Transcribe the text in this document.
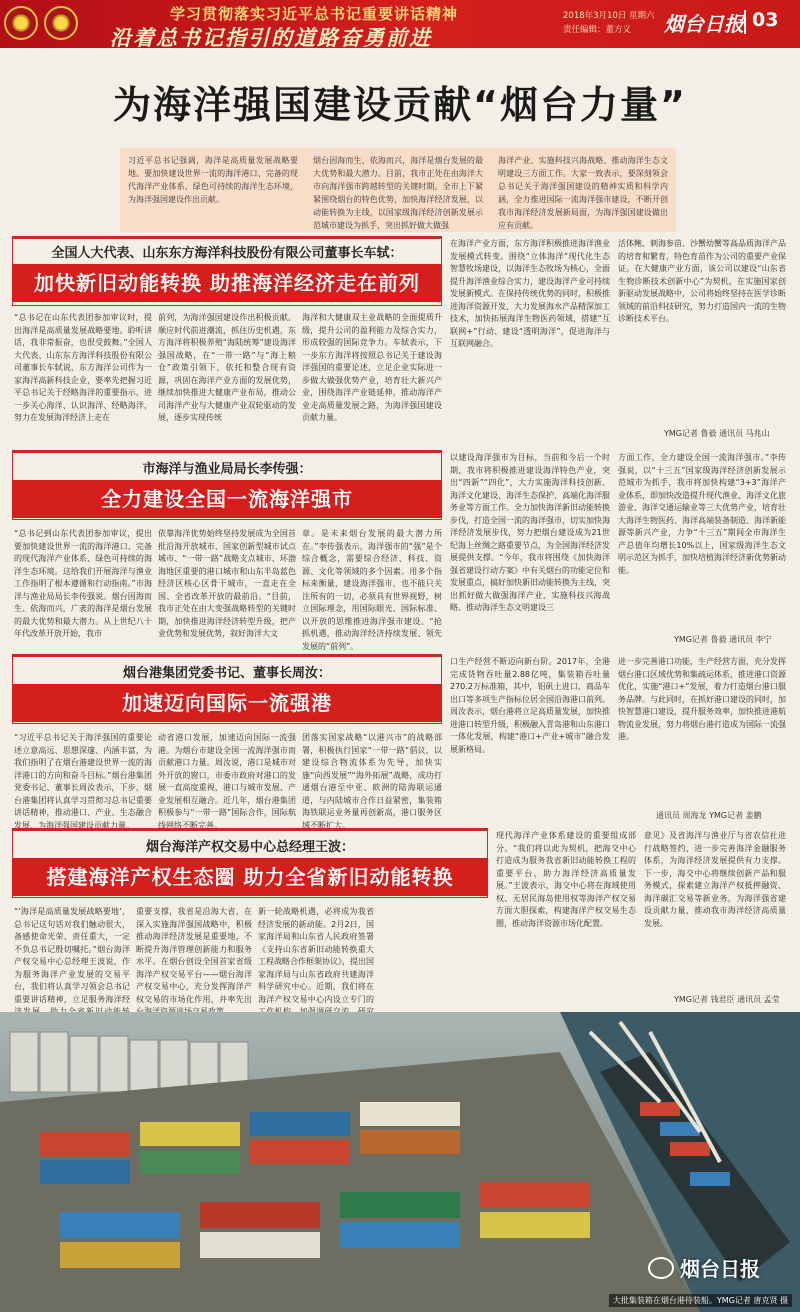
学习贯彻落实习近平总书记重要讲话精神
沿着总书记指引的道路奋勇前进
2018年3月10日 星期六
责任编辑：董方义	烟台日报 03
为海洋强国建设贡献“烟台力量”
习近平总书记强调，海洋是高质量发展战略要地。要加快建设世界一流的海洋港口、完备的现代海洋产业体系、绿色可持续的海洋生态环境，为海洋强国建设作出贡献。
烟台因海而生、依海而兴，海洋是烟台发展的最大优势和最大潜力。目前，我市正处在由海洋大市向海洋强市跨越转型的关键时期。全市上下紧紧围绕烟台的特色优势，加快海洋经济发展，以动能转换为主线，以国家级海洋经济创新发展示范城市建设为抓手，突出抓好做大做强
海洋产业、实施科技兴海战略、推动海洋生态文明建设三方面工作。大家一致表示，要深刻领会总书记关于海洋强国建设的精神实质和科学内涵，全力推进国际一流海洋强市建设，不断开创我市海洋经济发展新局面，为海洋强国建设做出应有贡献。
全国人大代表、山东东方海洋科技股份有限公司董事长车轼：
加快新旧动能转换 助推海洋经济走在前列
“总书记在山东代表团参加审议时，提出海洋是高质量发展战略要地。聆听讲话，我非常振奋，也很受鼓舞。”全国人大代表、山东东方海洋科技股份有限公司董事长车轼说，东方海洋公司作为一家海洋高新科技企业，要率先把握习近平总书记关于经略海洋的重要指示，进一步关心海洋、认识海洋、经略海洋，努力在发展海洋经济上走在
前列，为海洋强国建设作出积极贡献。顺应时代前进潮流，抓住历史机遇，东方海洋将积极养殖“海陆统筹”建设海洋强国战略，在“一带一路”与“海上粮仓”政策引领下，依托和整合现有资源，巩固在海洋产业方面的发展优势，继续加快推进大健康产业布局，推动公司海洋产业与大健康产业双轮驱动的发展，逐步实现传统
海洋和大健康双主业战略的全面提质升级，提升公司的盈利能力及综合实力，形成较强的国际竞争力。车轼表示，下一步东方海洋将按照总书记关于建设海洋强国的重要论述，立足企业实际进一步做大做强优势产业，培育壮大新兴产业，围绕海洋产业链延伸，推动海洋产业走高质量发展之路，为海洋强国建设贡献力量。
在海洋产业方面，东方海洋积极推进海洋渔业发展模式转变。围绕“立体海洋”现代化生态智慧牧场建设，以海洋生态牧场为核心，全面提升海洋渔业综合实力，建设海洋产业可持续发展新模式。在保持传统优势的同时，积极推进海洋资源开发，大力发展海水产品精深加工技术，加快拓展海洋生物医药领域，搭建“互联网+”行动、建设“透明海洋”，促进海洋与互联网融合。
活体鲍、刺海参苗、沙蟹幼蟹等高品质海洋产品的培育和繁育，特色育苗作为公司的重要产业保证。在大健康产业方面，该公司以建设“山东省生物诊断技术创新中心”为契机，在实施国家创新驱动发展战略中，公司将始终坚持在医学诊断领域的前沿科技研究，努力打造国内一流的生物诊断技术平台。
YMG记者 鲁毅 通讯员 马兆山
市海洋与渔业局局长李传强：
全力建设全国一流海洋强市
“总书记到山东代表团参加审议，提出要加快建设世界一流的海洋港口、完备的现代海洋产业体系、绿色可持续的海洋生态环境。这给我们开展海洋与渔业工作指明了根本遵循和行动指南。”市海洋与渔业局局长李传强说。烟台因海而生、依海而兴，广袤的海洋是烟台发展的最大优势和最大潜力。从上世纪八十年代改革开放开始，我市
依靠海洋优势始终坚持发展成为全国首批沿海开放城市、国家创新型城市试点城市、“一带一路”战略支点城市、环渤海地区重要的港口城市和山东半岛蓝色经济区核心区骨干城市，一直走在全国、全省改革开放的最前沿。“目前，我市正处在由大变强战略转型的关键时期，加快推进海洋经济转型升级，把产业优势和发展优势，叙好海洋大文
章。是未来烟台发展的最大潜力所在。”李传强表示，海洋强市的“强”是个综合概念，需要综合经济、科技、资源、文化等领域的多个因素。用多个指标来衡量，建设海洋强市，也不能只关注所有的一切，必须具有世界视野，树立国际理念，用国际眼光、国际标准、以开放的思维推进海洋强市建设。“抢抓机遇，推动海洋经济持续发展、领先发展的“前列”。
以建设海洋强市为目标，当前和今后一个时期，我市将积极推进建设海洋特色产业，突出“四新”“四化”，大力实施海洋科技创新、海洋文化建设、海洋生态保护、高端化海洋服务业等方面工作。全力加快海洋新旧动能转换步伐，打造全国一流的海洋强市，切实加快海洋经济发展步伐，努力把烟台建设成为21世纪海上丝绸之路重要节点，为全国海洋经济发展提供支撑。“今年，我市将围绕《加快海洋强省建设行动方案》中有关烟台的功能定位和发展重点，搞好加快新旧动能转换为主线，突出抓好做大做强海洋产业，实施科技兴海战略、推动海洋生态文明建设三
方面工作，全力建设全国一流海洋强市。”李传强说，以“十三五”国家级海洋经济创新发展示范城市为抓手，我市将加快构建“3+3”海洋产业体系，即加快改造提升现代渔业、海洋文化旅游业、海洋交通运输业等三大优势产业，培育壮大海洋生物医药、海洋高端装备制造、海洋新能源等新兴产业，力争“十三五”期间全市海洋生产总值年均增长10%以上，国家级海洋生态文明示范区为抓手，加快培植海洋经济新优势新动能。
YMG记者 鲁毅 通讯员 李宁
烟台港集团党委书记、董事长周汝：
加速迈向国际一流强港
“习近平总书记关于海洋强国的重要论述立意高远、思想深邃、内涵丰富，为我们指明了在烟台港建设世界一流的海洋港口的方向和奋斗目标。”烟台港集团党委书记、董事长周汝表示，下步，烟台港集团将认真学习贯彻习总书记重要讲话精神，推动港口、产业、生态融合发展，为海洋强国建设贡献力量。
动省港口发展，加速迈向国际一流强港。为烟台市建设全国一流海洋强市而贡献港口力量。周汝说，港口是城市对外开放的窗口，市委市政府对港口的发展一直高度重视，港口与城市发展、产业发展相互融合。近几年，烟台港集团积极参与“一带一路”国际合作，国际航线网络不断完善。
团落实国家战略“以港兴市”的战略部署，积极执行国家“一带一路”倡议，以建设综合物流体系为先导，加快实施“向西发展”“海外拓展”战略，成功打通烟台港至中亚、欧洲的陆海联运通道，与内陆城市合作日益紧密，集装箱海铁联运业务量再创新高，港口服务区域不断扩大。
口生产经营不断迈向新台阶。2017年，全港完成货物吞吐量2.88亿吨，集装箱吞吐量270.2万标准箱，其中，铝矾土进口、商品车出口等多项生产指标位居全国沿海港口前列。周汝表示，烟台港将立足高质量发展，加快推进港口转型升级，积极融入青岛港和山东港口一体化发展，构建“港口+产业+城市”融合发展新格局。
进一步完善港口功能，生产经营方面，充分发挥烟台港口区域优势和集疏运体系，推进港口资源优化，实施“港口+”发展，着力打造烟台港口服务品牌。与此同时，在抓好港口建设的同时，加快智慧港口建设，提升服务效率，加快推进港航物流业发展，努力将烟台港打造成为国际一流强港。
通讯员 周海龙 YMG记者 姜鹏
烟台海洋产权交易中心总经理王波：
搭建海洋产权生态圈 助力全省新旧动能转换
“‘海洋是高质量发展战略要地’，总书记这句话对我们触动很大，备感使命光荣、责任重大，一定不负总书记殷切嘱托。”烟台海洋产权交易中心总经理王波说，作为服务海洋产业发展的交易平台，我们将认真学习领会总书记重要讲话精神，立足服务海洋经
重要支撑，我省是沿海大省，在深入实施海洋强国战略中，积极推动海洋经济发展是重要地，不断提升海洋管理创新能力和服务水平。在烟台创设全国首家省级海洋产权交易平台——烟台海洋产权交易中心，充分发挥海洋产权交易的市场化作用，并率先出
新一轮战略机遇，必将成为我省经济发展的新动能。2月2日，国家海洋局和山东省人民政府签署《支持山东省新旧动能转换重大工程战略合作框架协议》，提出国家海洋局与山东省政府共建海洋科学研究中心。近期，我们将在海洋产权交易中心内设立专门的
现代海洋产业体系建设的重要组成部分。“我们将以此为契机，把海交中心打造成为服务我省新旧动能转换工程的重要平台，助力海洋经济高质量发展。”王波表示，海交中心将在海域使用权、无居民海岛使用权等海洋产权交易方面大胆探索，构建海洋产权交易生态圈，推动海洋资源市场化配置。
意见》及省海洋与渔业厅与省农信社进行战略签约，进一步完善海洋金融服务体系，为海洋经济发展提供有力支撑。下一步，海交中心将继续创新产品和服务模式，探索建立海洋产权抵押融资、海洋碳汇交易等新业务，为海洋强省建设贡献力量，推动我市海洋经济高质量发展。
YMG记者 钱君臣 通讯员 孟莹
烟台日报
大批集装箱在烟台港待装船。YMG记者 唐克贤 摄
